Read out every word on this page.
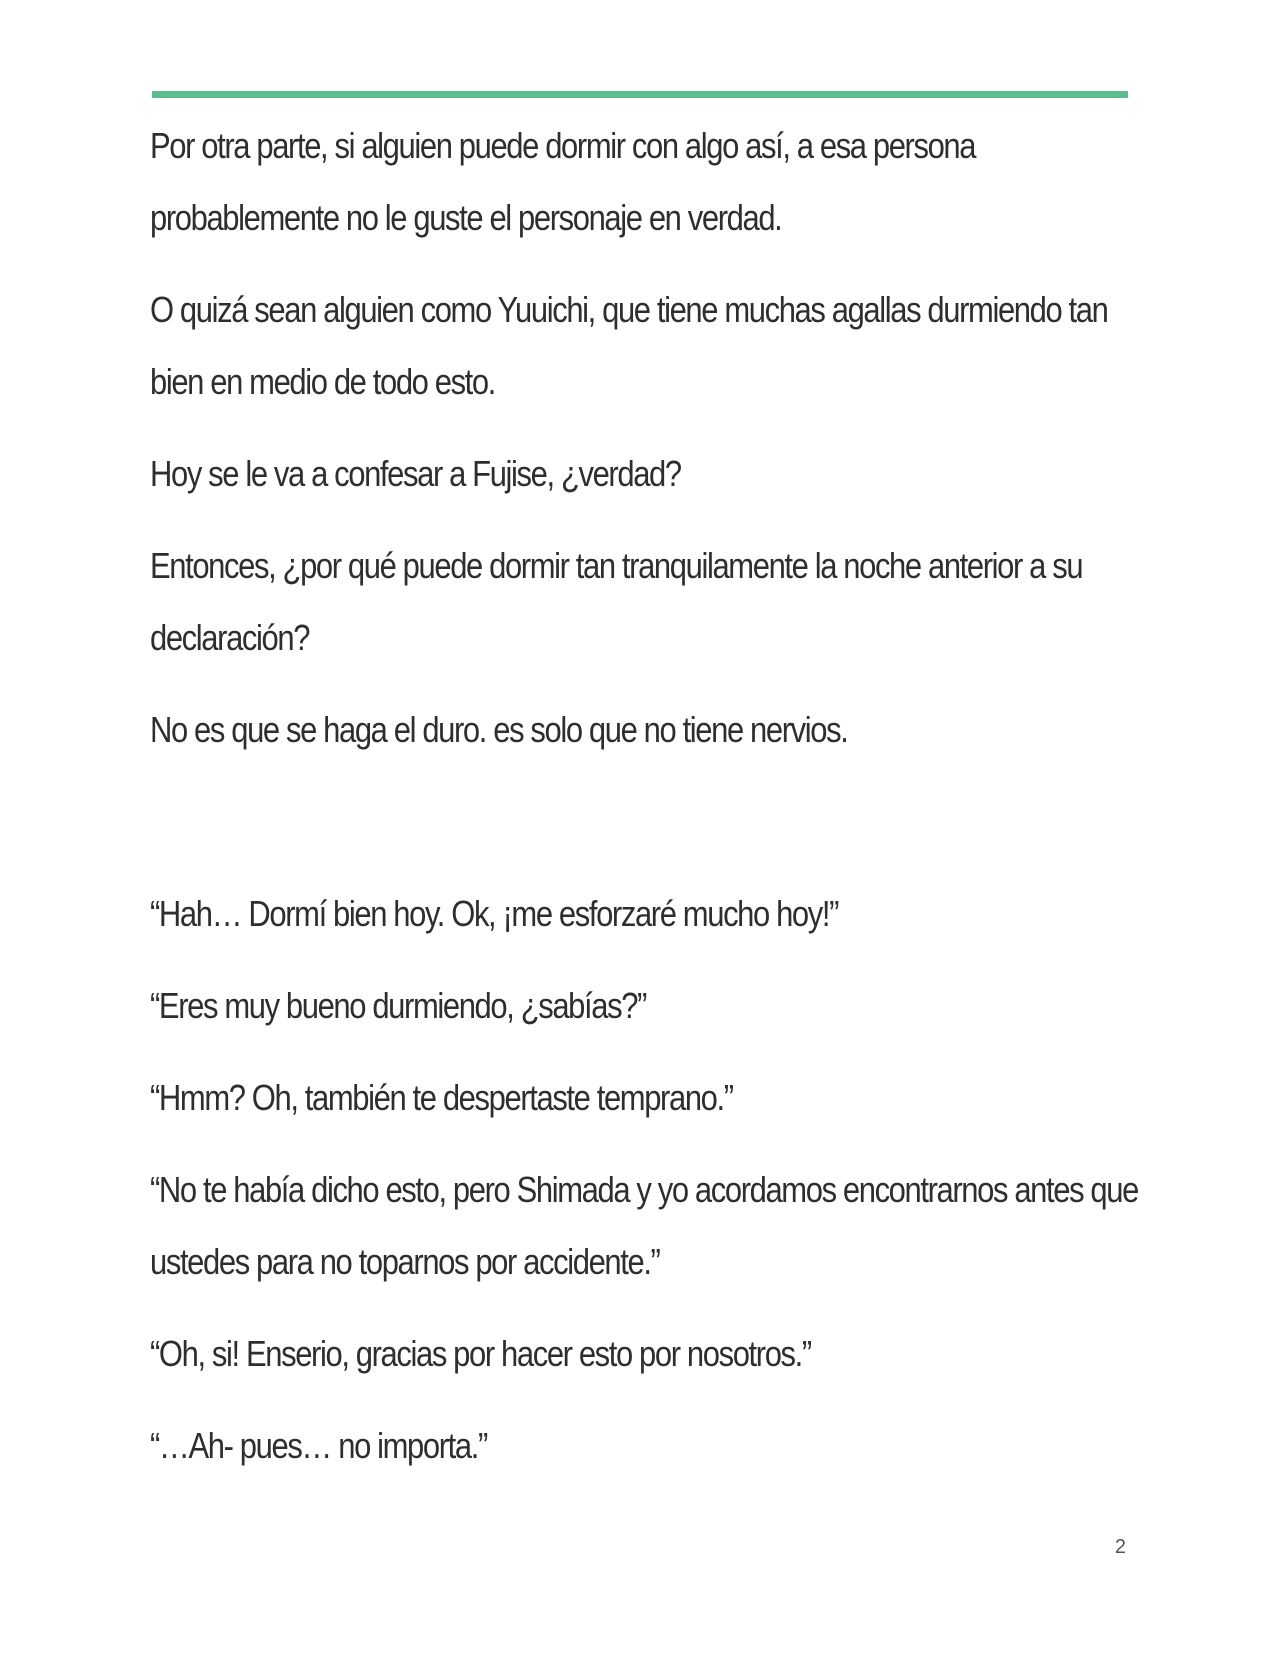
Por otra parte, si alguien puede dormir con algo así, a esa persona probablemente no le guste el personaje en verdad.

O quizá sean alguien como Yuuichi, que tiene muchas agallas durmiendo tan bien en medio de todo esto.

Hoy se le va a confesar a Fujise, ¿verdad?

Entonces, ¿por qué puede dormir tan tranquilamente la noche anterior a su declaración?

No es que se haga el duro. es solo que no tiene nervios.

“Hah… Dormí bien hoy. Ok, ¡me esforzaré mucho hoy!”

“Eres muy bueno durmiendo, ¿sabías?”

“Hmm? Oh, también te despertaste temprano.”

“No te había dicho esto, pero Shimada y yo acordamos encontrarnos antes que ustedes para no toparnos por accidente.”

“Oh, si! Enserio, gracias por hacer esto por nosotros.”

“…Ah- pues… no importa.”

2
